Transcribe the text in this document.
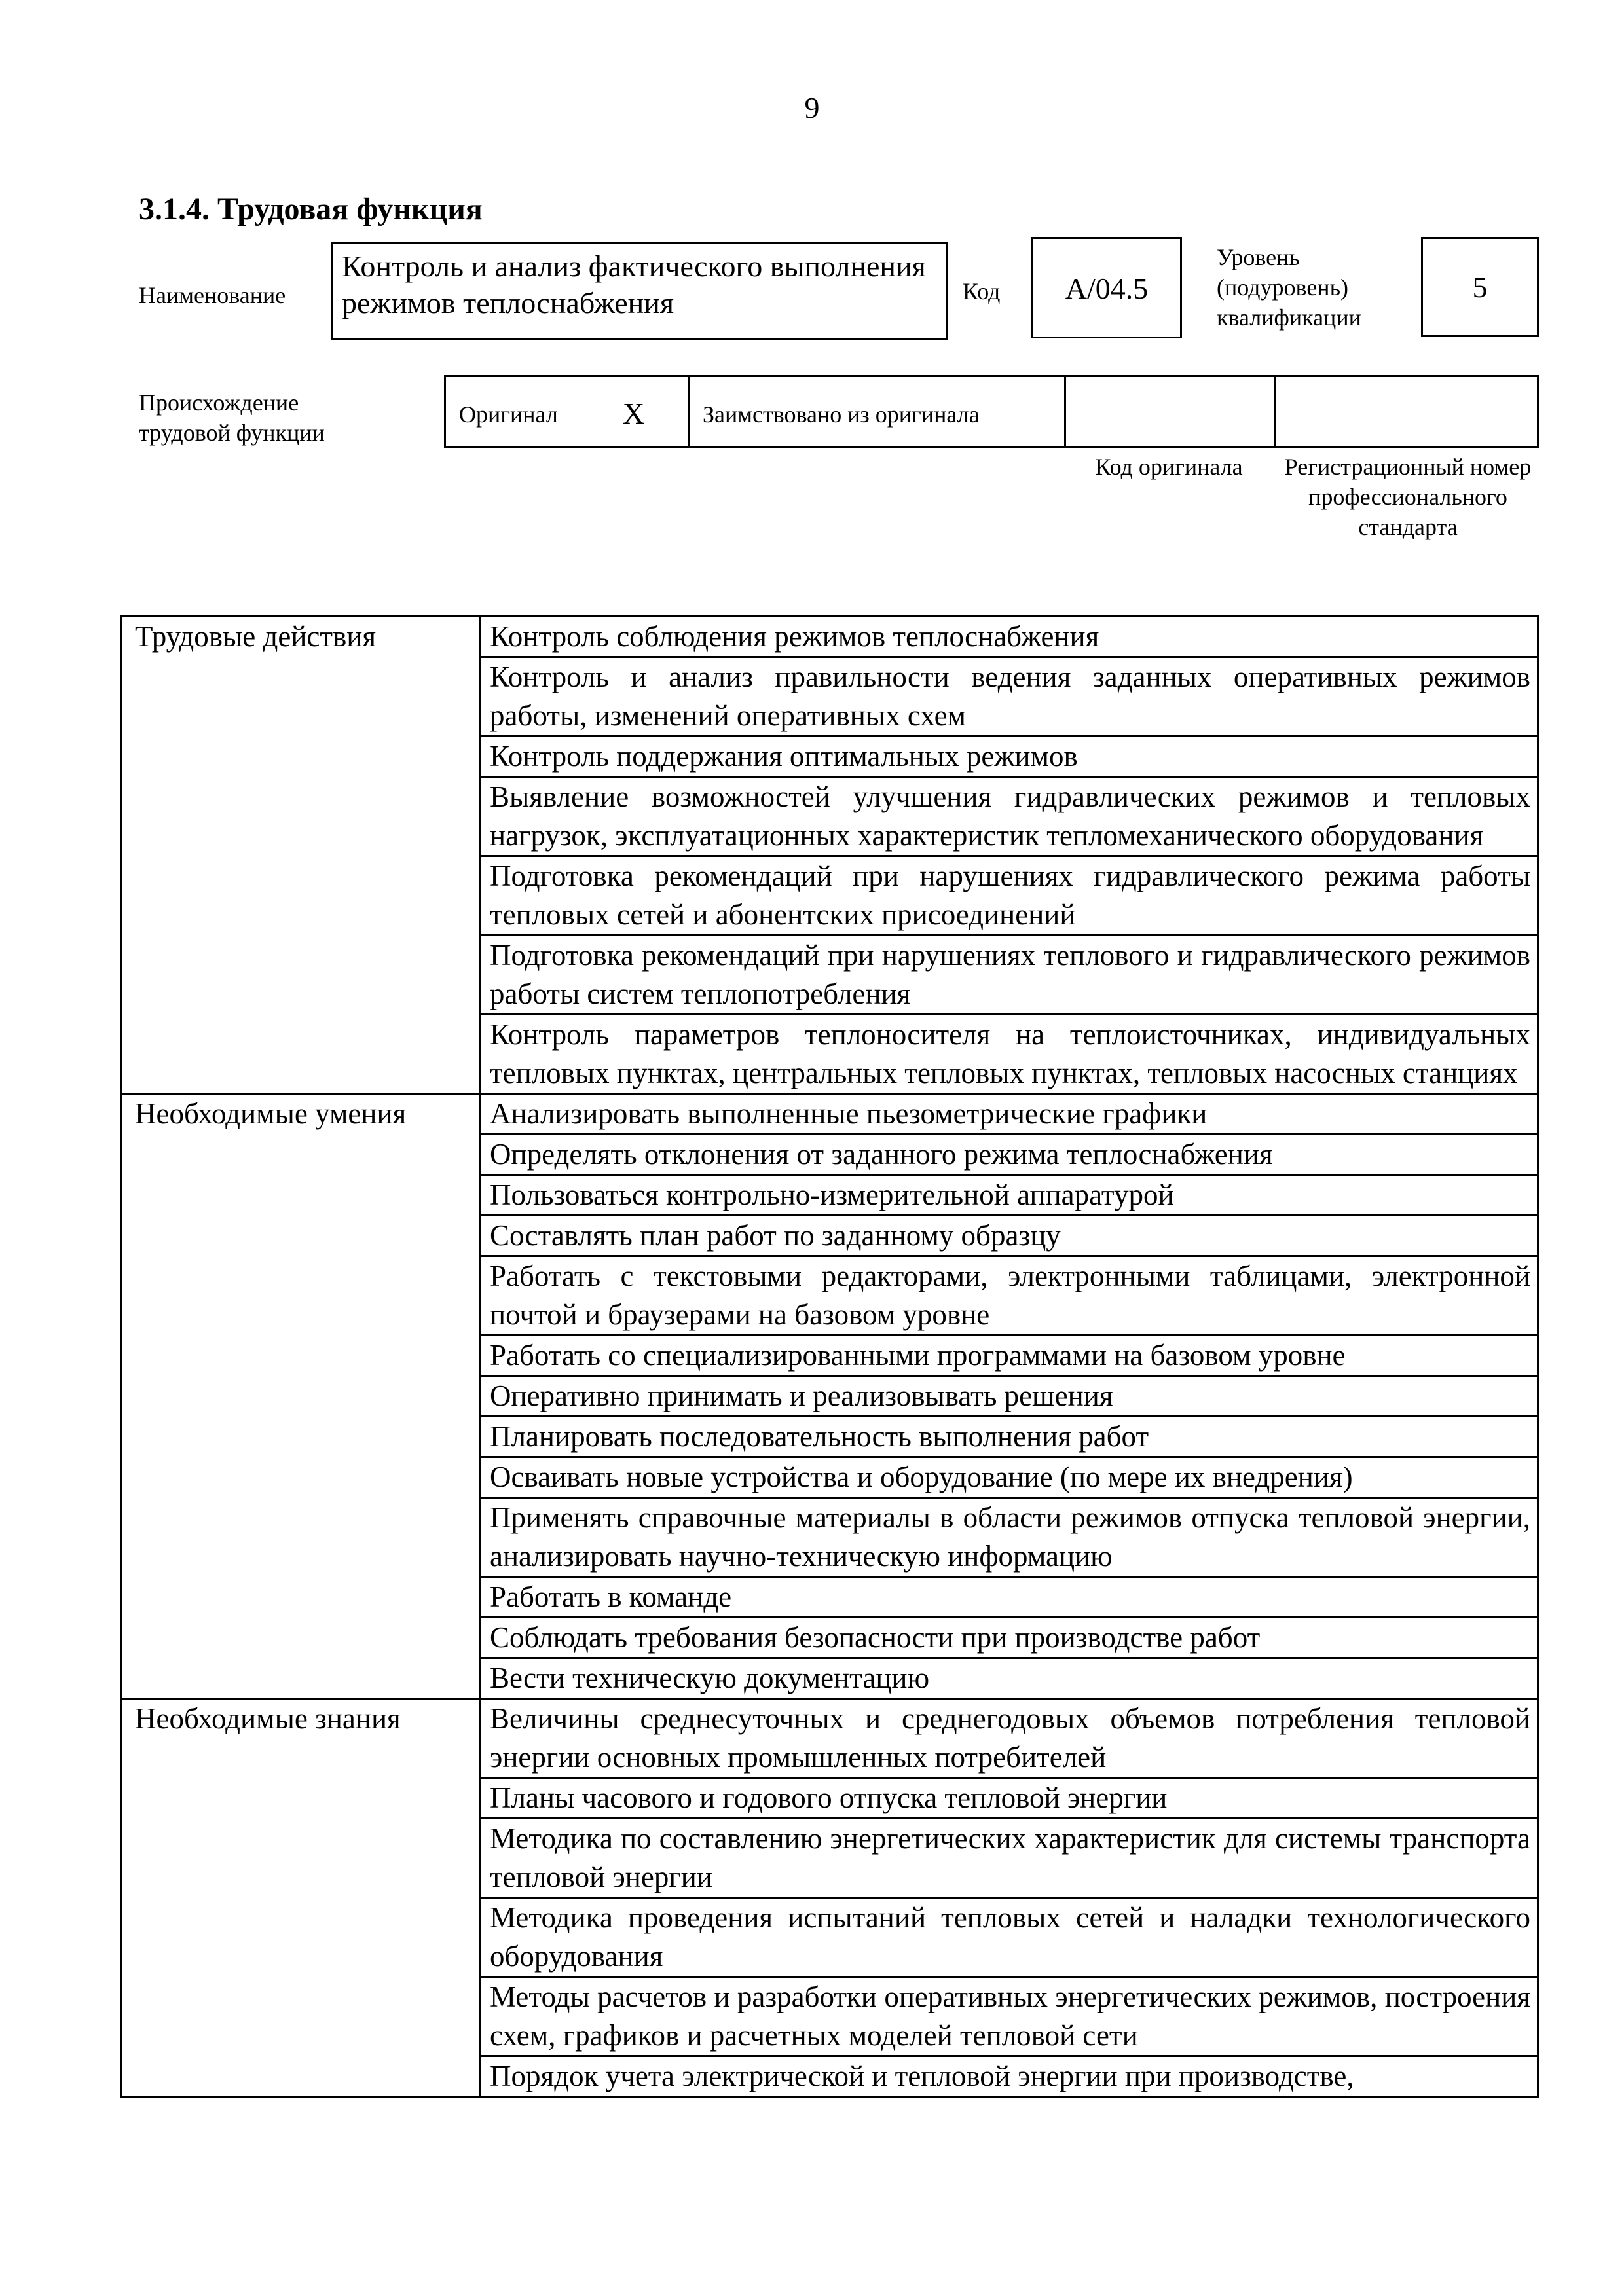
9
3.1.4. Трудовая функция
Наименование
Контроль и анализ фактического выполнения режимов теплоснабжения	Код	А/04.5
Уровень (подуровень) квалификации
5
Происхождение трудовой функции
Оригинал X Заимствовано из оригинала
Код оригинала	Регистрационный номер профессионального стандарта
Трудовые действия	Контроль соблюдения режимов теплоснабжения
	Контроль и анализ правильности ведения заданных оперативных режимов работы, изменений оперативных схем
	Контроль поддержания оптимальных режимов
	Выявление возможностей улучшения гидравлических режимов и тепловых нагрузок, эксплуатационных характеристик тепломеханического оборудования
	Подготовка рекомендаций при нарушениях гидравлического режима работы тепловых сетей и абонентских присоединений
	Подготовка рекомендаций при нарушениях теплового и гидравлического режимов работы систем теплопотребления
	Контроль параметров теплоносителя на теплоисточниках, индивидуальных тепловых пунктах, центральных тепловых пунктах, тепловых насосных станциях
Необходимые умения	Анализировать выполненные пьезометрические графики
	Определять отклонения от заданного режима теплоснабжения
	Пользоваться контрольно-измерительной аппаратурой
	Составлять план работ по заданному образцу
	Работать с текстовыми редакторами, электронными таблицами, электронной почтой и браузерами на базовом уровне
	Работать со специализированными программами на базовом уровне
	Оперативно принимать и реализовывать решения
	Планировать последовательность выполнения работ
	Осваивать новые устройства и оборудование (по мере их внедрения)
	Применять справочные материалы в области режимов отпуска тепловой энергии, анализировать научно-техническую информацию
	Работать в команде
	Соблюдать требования безопасности при производстве работ
	Вести техническую документацию
Необходимые знания	Величины среднесуточных и среднегодовых объемов потребления тепловой энергии основных промышленных потребителей
	Планы часового и годового отпуска тепловой энергии
	Методика по составлению энергетических характеристик для системы транспорта тепловой энергии
	Методика проведения испытаний тепловых сетей и наладки технологического оборудования
	Методы расчетов и разработки оперативных энергетических режимов, построения схем, графиков и расчетных моделей тепловой сети
	Порядок учета электрической и тепловой энергии при производстве,
